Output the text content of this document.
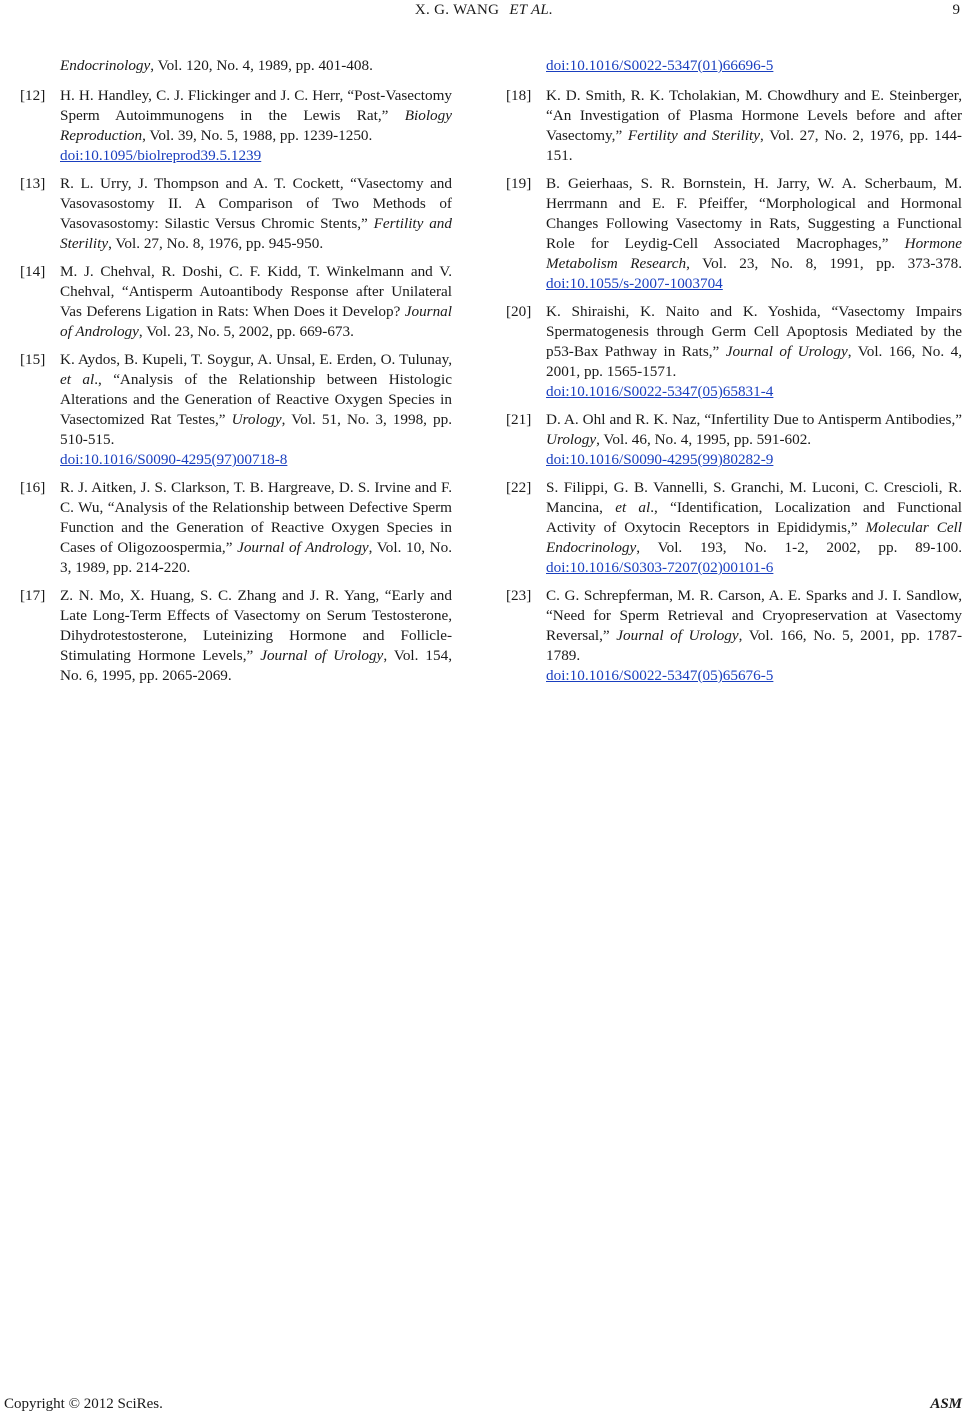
X. G. WANG ET AL.	9
Endocrinology, Vol. 120, No. 4, 1989, pp. 401-408.
[12] H. H. Handley, C. J. Flickinger and J. C. Herr, “Post-Vasectomy Sperm Autoimmunogens in the Lewis Rat,” Biology Reproduction, Vol. 39, No. 5, 1988, pp. 1239-1250.
doi:10.1095/biolreprod39.5.1239
[13] R. L. Urry, J. Thompson and A. T. Cockett, “Vasectomy and Vasovasostomy II. A Comparison of Two Methods of Vasovasostomy: Silastic Versus Chromic Stents,” Fertility and Sterility, Vol. 27, No. 8, 1976, pp. 945-950.
[14] M. J. Chehval, R. Doshi, C. F. Kidd, T. Winkelmann and V. Chehval, “Antisperm Autoantibody Response after Unilateral Vas Deferens Ligation in Rats: When Does it Develop? Journal of Andrology, Vol. 23, No. 5, 2002, pp. 669-673.
[15] K. Aydos, B. Kupeli, T. Soygur, A. Unsal, E. Erden, O. Tulunay, et al., “Analysis of the Relationship between Histologic Alterations and the Generation of Reactive Oxygen Species in Vasectomized Rat Testes,” Urology, Vol. 51, No. 3, 1998, pp. 510-515.
doi:10.1016/S0090-4295(97)00718-8
[16] R. J. Aitken, J. S. Clarkson, T. B. Hargreave, D. S. Irvine and F. C. Wu, “Analysis of the Relationship between Defective Sperm Function and the Generation of Reactive Oxygen Species in Cases of Oligozoospermia,” Journal of Andrology, Vol. 10, No. 3, 1989, pp. 214-220.
[17] Z. N. Mo, X. Huang, S. C. Zhang and J. R. Yang, “Early and Late Long-Term Effects of Vasectomy on Serum Testosterone, Dihydrotestosterone, Luteinizing Hormone and Follicle-Stimulating Hormone Levels,” Journal of Urology, Vol. 154, No. 6, 1995, pp. 2065-2069.
doi:10.1016/S0022-5347(01)66696-5
[18] K. D. Smith, R. K. Tcholakian, M. Chowdhury and E. Steinberger, “An Investigation of Plasma Hormone Levels before and after Vasectomy,” Fertility and Sterility, Vol. 27, No. 2, 1976, pp. 144-151.
[19] B. Geierhaas, S. R. Bornstein, H. Jarry, W. A. Scherbaum, M. Herrmann and E. F. Pfeiffer, “Morphological and Hormonal Changes Following Vasectomy in Rats, Suggesting a Functional Role for Leydig-Cell Associated Macrophages,” Hormone Metabolism Research, Vol. 23, No. 8, 1991, pp. 373-378. doi:10.1055/s-2007-1003704
[20] K. Shiraishi, K. Naito and K. Yoshida, “Vasectomy Impairs Spermatogenesis through Germ Cell Apoptosis Mediated by the p53-Bax Pathway in Rats,” Journal of Urology, Vol. 166, No. 4, 2001, pp. 1565-1571.
doi:10.1016/S0022-5347(05)65831-4
[21] D. A. Ohl and R. K. Naz, “Infertility Due to Antisperm Antibodies,” Urology, Vol. 46, No. 4, 1995, pp. 591-602.
doi:10.1016/S0090-4295(99)80282-9
[22] S. Filippi, G. B. Vannelli, S. Granchi, M. Luconi, C. Crescioli, R. Mancina, et al., “Identification, Localization and Functional Activity of Oxytocin Receptors in Epididymis,” Molecular Cell Endocrinology, Vol. 193, No. 1-2, 2002, pp. 89-100. doi:10.1016/S0303-7207(02)00101-6
[23] C. G. Schrepferman, M. R. Carson, A. E. Sparks and J. I. Sandlow, “Need for Sperm Retrieval and Cryopreservation at Vasectomy Reversal,” Journal of Urology, Vol. 166, No. 5, 2001, pp. 1787-1789.
doi:10.1016/S0022-5347(05)65676-5
Copyright © 2012 SciRes.	ASM
